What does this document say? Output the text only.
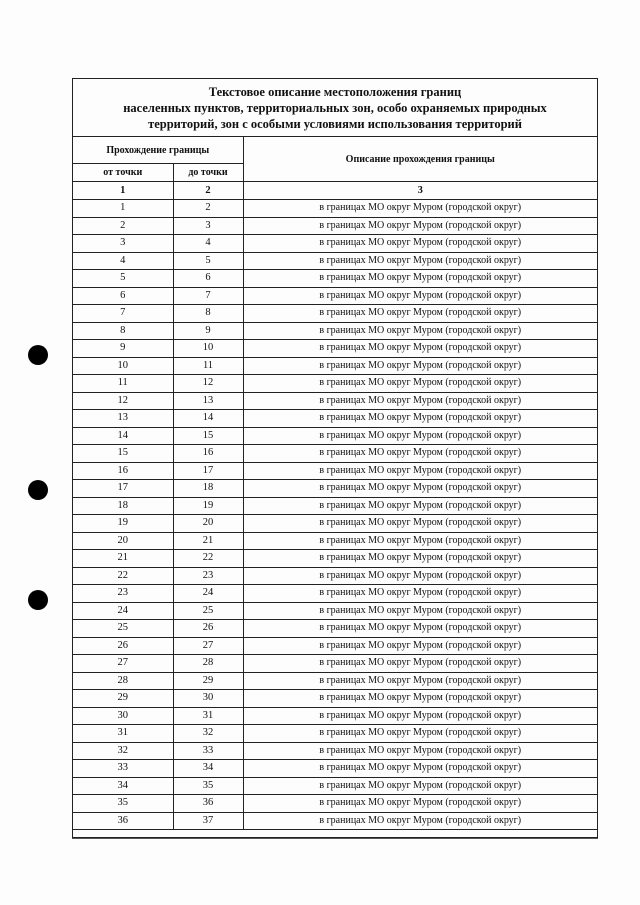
Текстовое описание местоположения границ
населенных пунктов, территориальных зон, особо охраняемых природных
территорий, зон с особыми условиями использования территорий
Прохождение границы		Описание прохождения границы
от точки	до точки	
1	2	3
1	2	в границах МО округ Муром (городской округ)
2	3	в границах МО округ Муром (городской округ)
3	4	в границах МО округ Муром (городской округ)
4	5	в границах МО округ Муром (городской округ)
5	6	в границах МО округ Муром (городской округ)
6	7	в границах МО округ Муром (городской округ)
7	8	в границах МО округ Муром (городской округ)
8	9	в границах МО округ Муром (городской округ)
9	10	в границах МО округ Муром (городской округ)
10	11	в границах МО округ Муром (городской округ)
11	12	в границах МО округ Муром (городской округ)
12	13	в границах МО округ Муром (городской округ)
13	14	в границах МО округ Муром (городской округ)
14	15	в границах МО округ Муром (городской округ)
15	16	в границах МО округ Муром (городской округ)
16	17	в границах МО округ Муром (городской округ)
17	18	в границах МО округ Муром (городской округ)
18	19	в границах МО округ Муром (городской округ)
19	20	в границах МО округ Муром (городской округ)
20	21	в границах МО округ Муром (городской округ)
21	22	в границах МО округ Муром (городской округ)
22	23	в границах МО округ Муром (городской округ)
23	24	в границах МО округ Муром (городской округ)
24	25	в границах МО округ Муром (городской округ)
25	26	в границах МО округ Муром (городской округ)
26	27	в границах МО округ Муром (городской округ)
27	28	в границах МО округ Муром (городской округ)
28	29	в границах МО округ Муром (городской округ)
29	30	в границах МО округ Муром (городской округ)
30	31	в границах МО округ Муром (городской округ)
31	32	в границах МО округ Муром (городской округ)
32	33	в границах МО округ Муром (городской округ)
33	34	в границах МО округ Муром (городской округ)
34	35	в границах МО округ Муром (городской округ)
35	36	в границах МО округ Муром (городской округ)
36	37	в границах МО округ Муром (городской округ)
